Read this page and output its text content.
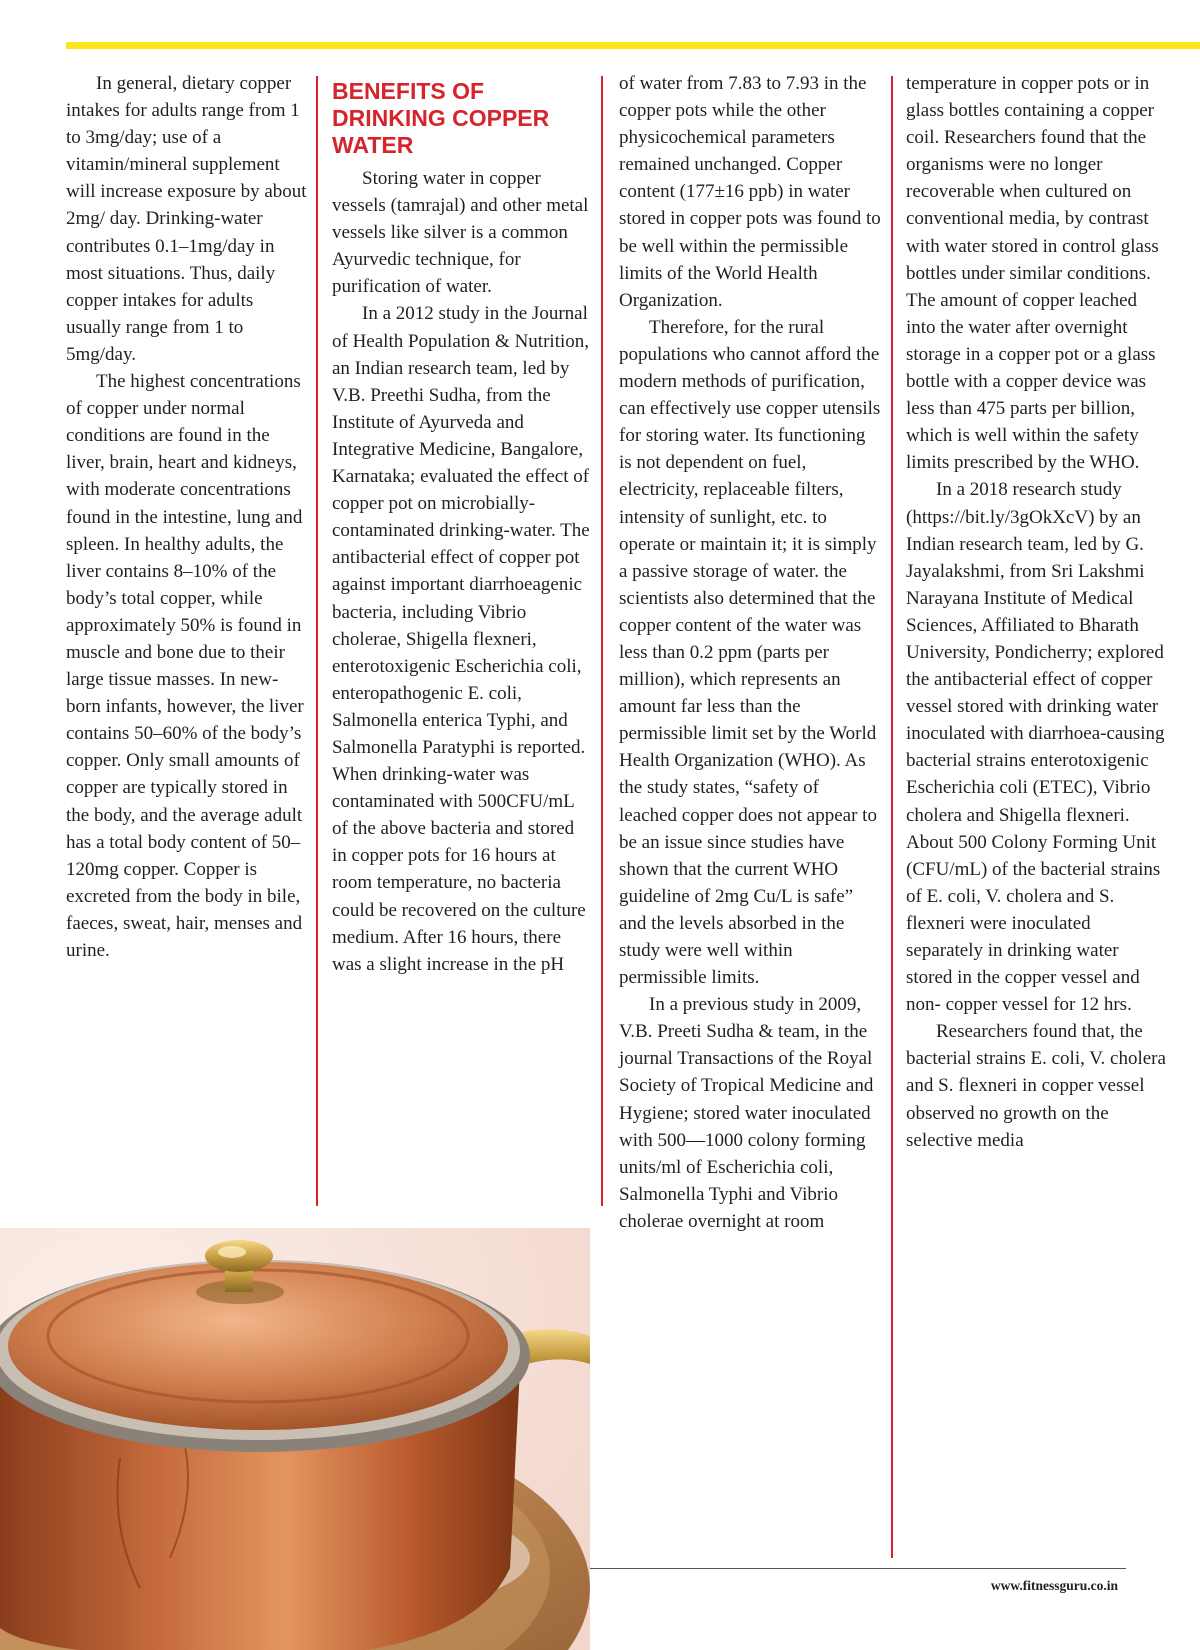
In general, dietary copper intakes for adults range from 1 to 3mg/day; use of a vitamin/mineral supplement will increase exposure by about 2mg/ day. Drinking-water contributes 0.1–1mg/day in most situations. Thus, daily copper intakes for adults usually range from 1 to 5mg/day.

The highest concentrations of copper under normal conditions are found in the liver, brain, heart and kidneys, with moderate concentrations found in the intestine, lung and spleen. In healthy adults, the liver contains 8–10% of the body’s total copper, while approximately 50% is found in muscle and bone due to their large tissue masses. In new-born infants, however, the liver contains 50–60% of the body’s copper. Only small amounts of copper are typically stored in the body, and the average adult has a total body content of 50–120mg copper. Copper is excreted from the body in bile, faeces, sweat, hair, menses and urine.

BENEFITS OF DRINKING COPPER WATER

Storing water in copper vessels (tamrajal) and other metal vessels like silver is a common Ayurvedic technique, for purification of water.

In a 2012 study in the Journal of Health Population & Nutrition, an Indian research team, led by V.B. Preethi Sudha, from the Institute of Ayurveda and Integrative Medicine, Bangalore, Karnataka; evaluated the effect of copper pot on microbially-contaminated drinking-water. The antibacterial effect of copper pot against important diarrhoeagenic bacteria, including Vibrio cholerae, Shigella flexneri, enterotoxigenic Escherichia coli, enteropathogenic E. coli, Salmonella enterica Typhi, and Salmonella Paratyphi is reported. When drinking-water was contaminated with 500CFU/mL of the above bacteria and stored in copper pots for 16 hours at room temperature, no bacteria could be recovered on the culture medium. After 16 hours, there was a slight increase in the pH

of water from 7.83 to 7.93 in the copper pots while the other physicochemical parameters remained unchanged. Copper content (177±16 ppb) in water stored in copper pots was found to be well within the permissible limits of the World Health Organization.

Therefore, for the rural populations who cannot afford the modern methods of purification, can effectively use copper utensils for storing water. Its functioning is not dependent on fuel, electricity, replaceable filters, intensity of sunlight, etc. to operate or maintain it; it is simply a passive storage of water. the scientists also determined that the copper content of the water was less than 0.2 ppm (parts per million), which represents an amount far less than the permissible limit set by the World Health Organization (WHO). As the study states, “safety of leached copper does not appear to be an issue since studies have shown that the current WHO guideline of 2mg Cu/L is safe” and the levels absorbed in the study were well within permissible limits.

In a previous study in 2009, V.B. Preeti Sudha & team, in the journal Transactions of the Royal Society of Tropical Medicine and Hygiene; stored water inoculated with 500—1000 colony forming units/ml of Escherichia coli, Salmonella Typhi and Vibrio cholerae overnight at room

temperature in copper pots or in glass bottles containing a copper coil. Researchers found that the organisms were no longer recoverable when cultured on conventional media, by contrast with water stored in control glass bottles under similar conditions. The amount of copper leached into the water after overnight storage in a copper pot or a glass bottle with a copper device was less than 475 parts per billion, which is well within the safety limits prescribed by the WHO.

In a 2018 research study (https://bit.ly/3gOkXcV) by an Indian research team, led by G. Jayalakshmi, from Sri Lakshmi Narayana Institute of Medical Sciences, Affiliated to Bharath University, Pondicherry; explored the antibacterial effect of copper vessel stored with drinking water inoculated with diarrhoea-causing bacterial strains enterotoxigenic Escherichia coli (ETEC), Vibrio cholera and Shigella flexneri. About 500 Colony Forming Unit (CFU/mL) of the bacterial strains of E. coli, V. cholera and S. flexneri were inoculated separately in drinking water stored in the copper vessel and non- copper vessel for 12 hrs.

Researchers found that, the bacterial strains E. coli, V. cholera and S. flexneri in copper vessel observed no growth on the selective media

www.fitnessguru.co.in
